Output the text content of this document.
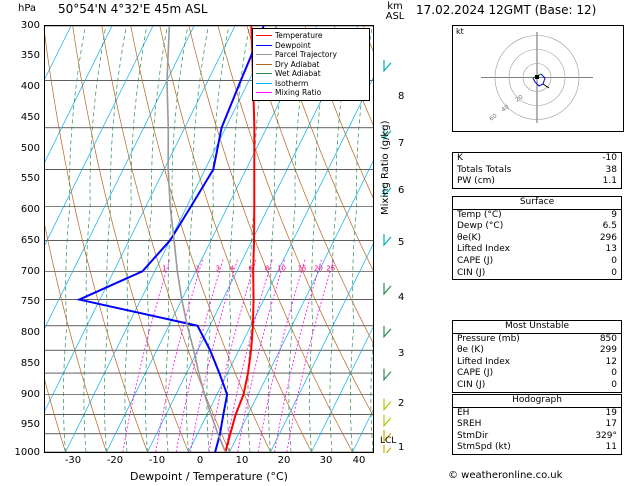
hPa 50°54'N 4°32'E 45m ASL	km
ASL 17.02.2024 12GMT (Base: 12)
300
350
400
450
500
550
600
650
700
750
800
850
900
950
1000
1	2 3 4 6 8 10 15 20 25
Temperature
Dewpoint
Parcel Trajectory
Dry Adiabat
Wet Adiabat
Isotherm
Mixing Ratio
-30	-20	-10	0	10	20	30	40
Dewpoint / Temperature (°C)
8
7
6
5
4
3
2
1
LCL
Mixing Ratio (g/kg)
kt
20
40
60
K	-10
Totals Totals	38
PW (cm)	1.1
Surface
Temp (°C)	9
Dewp (°C)	6.5
θe(K)	296
Lifted Index	13
CAPE (J)	0
CIN (J)	0
Most Unstable
Pressure (mb)	850
θe (K)	299
Lifted Index	12
CAPE (J)	0
CIN (J)	0
Hodograph
EH	19
SREH	17
StmDir	329°
StmSpd (kt)	11
© weatheronline.co.uk
